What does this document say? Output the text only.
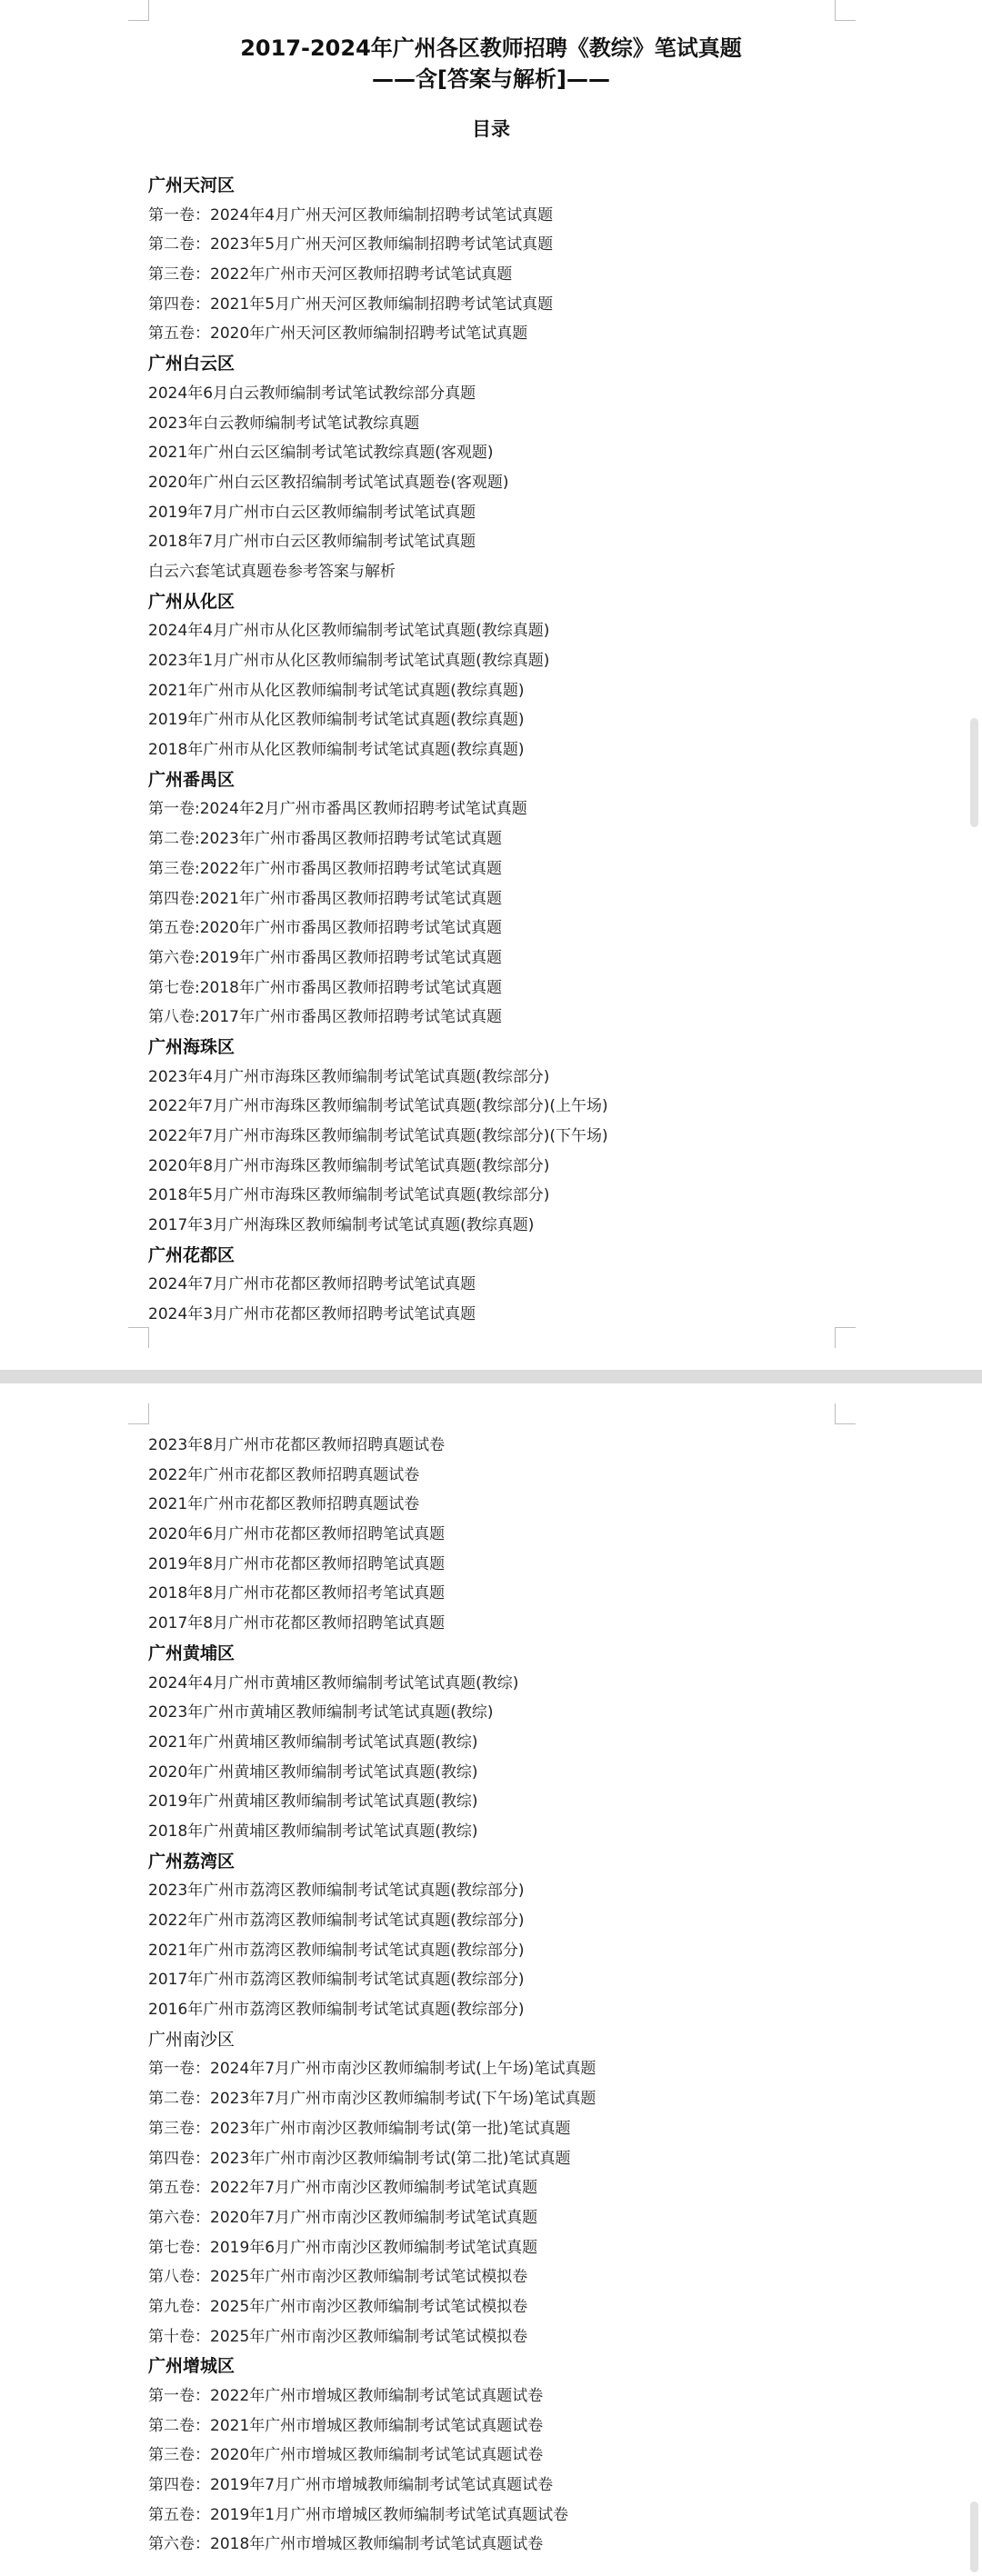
2017-2024年广州各区教师招聘《教综》笔试真题
——含[答案与解析]——
目录
广州天河区
第一卷：2024年4月广州天河区教师编制招聘考试笔试真题
第二卷：2023年5月广州天河区教师编制招聘考试笔试真题
第三卷：2022年广州市天河区教师招聘考试笔试真题
第四卷：2021年5月广州天河区教师编制招聘考试笔试真题
第五卷：2020年广州天河区教师编制招聘考试笔试真题
广州白云区
2024年6月白云教师编制考试笔试教综部分真题
2023年白云教师编制考试笔试教综真题
2021年广州白云区编制考试笔试教综真题(客观题)
2020年广州白云区教招编制考试笔试真题卷(客观题)
2019年7月广州市白云区教师编制考试笔试真题
2018年7月广州市白云区教师编制考试笔试真题
白云六套笔试真题卷参考答案与解析
广州从化区
2024年4月广州市从化区教师编制考试笔试真题(教综真题)
2023年1月广州市从化区教师编制考试笔试真题(教综真题)
2021年广州市从化区教师编制考试笔试真题(教综真题)
2019年广州市从化区教师编制考试笔试真题(教综真题)
2018年广州市从化区教师编制考试笔试真题(教综真题)
广州番禺区
第一卷:2024年2月广州市番禺区教师招聘考试笔试真题
第二卷:2023年广州市番禺区教师招聘考试笔试真题
第三卷:2022年广州市番禺区教师招聘考试笔试真题
第四卷:2021年广州市番禺区教师招聘考试笔试真题
第五卷:2020年广州市番禺区教师招聘考试笔试真题
第六卷:2019年广州市番禺区教师招聘考试笔试真题
第七卷:2018年广州市番禺区教师招聘考试笔试真题
第八卷:2017年广州市番禺区教师招聘考试笔试真题
广州海珠区
2023年4月广州市海珠区教师编制考试笔试真题(教综部分)
2022年7月广州市海珠区教师编制考试笔试真题(教综部分)(上午场)
2022年7月广州市海珠区教师编制考试笔试真题(教综部分)(下午场)
2020年8月广州市海珠区教师编制考试笔试真题(教综部分)
2018年5月广州市海珠区教师编制考试笔试真题(教综部分)
2017年3月广州海珠区教师编制考试笔试真题(教综真题)
广州花都区
2024年7月广州市花都区教师招聘考试笔试真题
2024年3月广州市花都区教师招聘考试笔试真题
2023年8月广州市花都区教师招聘真题试卷
2022年广州市花都区教师招聘真题试卷
2021年广州市花都区教师招聘真题试卷
2020年6月广州市花都区教师招聘笔试真题
2019年8月广州市花都区教师招聘笔试真题
2018年8月广州市花都区教师招考笔试真题
2017年8月广州市花都区教师招聘笔试真题
广州黄埔区
2024年4月广州市黄埔区教师编制考试笔试真题(教综)
2023年广州市黄埔区教师编制考试笔试真题(教综)
2021年广州黄埔区教师编制考试笔试真题(教综)
2020年广州黄埔区教师编制考试笔试真题(教综)
2019年广州黄埔区教师编制考试笔试真题(教综)
2018年广州黄埔区教师编制考试笔试真题(教综)
广州荔湾区
2023年广州市荔湾区教师编制考试笔试真题(教综部分)
2022年广州市荔湾区教师编制考试笔试真题(教综部分)
2021年广州市荔湾区教师编制考试笔试真题(教综部分)
2017年广州市荔湾区教师编制考试笔试真题(教综部分)
2016年广州市荔湾区教师编制考试笔试真题(教综部分)
广州南沙区
第一卷：2024年7月广州市南沙区教师编制考试(上午场)笔试真题
第二卷：2023年7月广州市南沙区教师编制考试(下午场)笔试真题
第三卷：2023年广州市南沙区教师编制考试(第一批)笔试真题
第四卷：2023年广州市南沙区教师编制考试(第二批)笔试真题
第五卷：2022年7月广州市南沙区教师编制考试笔试真题
第六卷：2020年7月广州市南沙区教师编制考试笔试真题
第七卷：2019年6月广州市南沙区教师编制考试笔试真题
第八卷：2025年广州市南沙区教师编制考试笔试模拟卷
第九卷：2025年广州市南沙区教师编制考试笔试模拟卷
第十卷：2025年广州市南沙区教师编制考试笔试模拟卷
广州增城区
第一卷：2022年广州市增城区教师编制考试笔试真题试卷
第二卷：2021年广州市增城区教师编制考试笔试真题试卷
第三卷：2020年广州市增城区教师编制考试笔试真题试卷
第四卷：2019年7月广州市增城教师编制考试笔试真题试卷
第五卷：2019年1月广州市增城区教师编制考试笔试真题试卷
第六卷：2018年广州市增城区教师编制考试笔试真题试卷
